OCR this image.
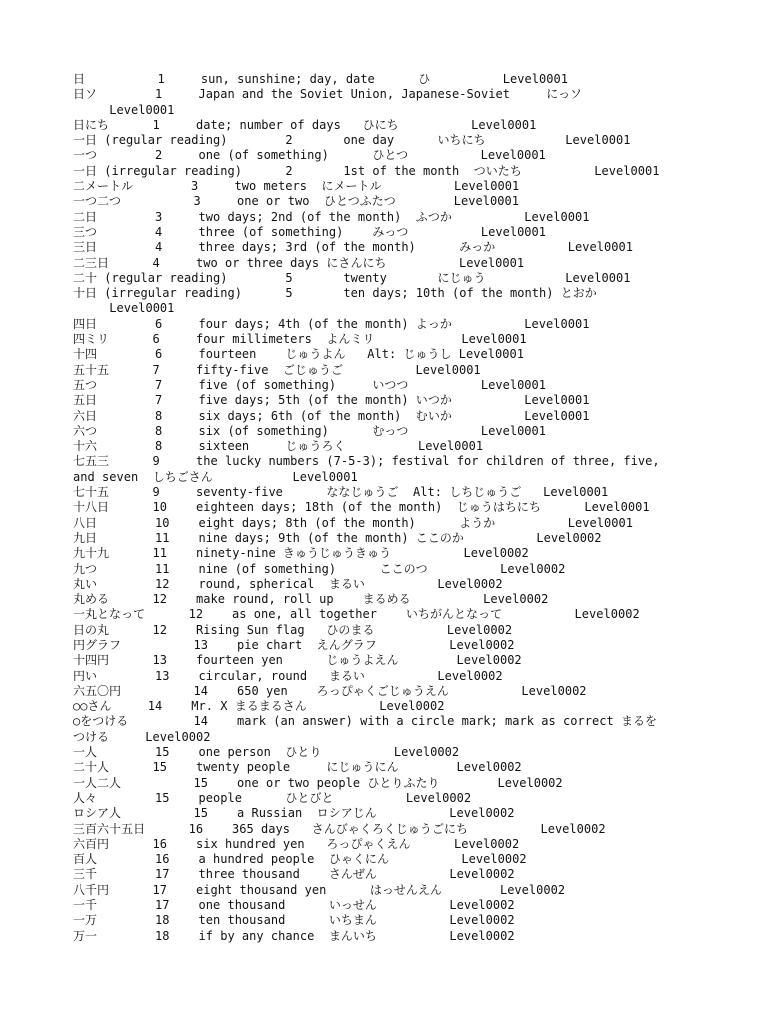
日          1     sun, sunshine; day, date      ひ          Level0001
日ソ        1     Japan and the Soviet Union, Japanese-Soviet     にっソ
Level0001
日にち      1     date; number of days   ひにち          Level0001
一日 (regular reading)        2       one day      いちにち           Level0001
一つ        2     one (of something)      ひとつ          Level0001
一日 (irregular reading)      2       1st of the month  ついたち          Level0001
二メートル        3     two meters  にメートル          Level0001
一つ二つ          3     one or two  ひとつふたつ        Level0001
二日        3     two days; 2nd (of the month)  ふつか          Level0001
三つ        4     three (of something)    みっつ          Level0001
三日        4     three days; 3rd (of the month)      みっか          Level0001
二三日      4     two or three days にさんにち          Level0001
二十 (regular reading)        5       twenty       にじゅう           Level0001
十日 (irregular reading)      5       ten days; 10th (of the month) とおか
Level0001
四日        6     four days; 4th (of the month) よっか          Level0001
四ミリ      6     four millimeters  よんミリ            Level0001
十四        6     fourteen    じゅうよん   Alt: じゅうし Level0001
五十五      7     fifty-five  ごじゅうご          Level0001
五つ        7     five (of something)     いつつ          Level0001
五日        7     five days; 5th (of the month) いつか          Level0001
六日        8     six days; 6th (of the month)  むいか          Level0001
六つ        8     six (of something)      むっつ          Level0001
十六        8     sixteen     じゅうろく          Level0001
七五三      9     the lucky numbers (7-5-3); festival for children of three, five,
and seven  しちごさん           Level0001
七十五      9     seventy-five      ななじゅうご  Alt: しちじゅうご   Level0001
十八日      10    eighteen days; 18th (of the month)  じゅうはちにち      Level0001
八日        10    eight days; 8th (of the month)      ようか          Level0001
九日        11    nine days; 9th (of the month) ここのか          Level0002
九十九      11    ninety-nine きゅうじゅうきゅう          Level0002
九つ        11    nine (of something)      ここのつ          Level0002
丸い        12    round, spherical  まるい          Level0002
丸める      12    make round, roll up    まるめる          Level0002
一丸となって      12    as one, all together    いちがんとなって          Level0002
日の丸      12    Rising Sun flag   ひのまる          Level0002
円グラフ          13    pie chart  えんグラフ          Level0002
十四円      13    fourteen yen      じゅうよえん        Level0002
円い        13    circular, round   まるい          Level0002
六五〇円          14    650 yen    ろっぴゃくごじゅうえん          Level0002
○○さん     14    Mr. X まるまるさん          Level0002
○をつける         14    mark (an answer) with a circle mark; mark as correct まるを
つける     Level0002
一人        15    one person  ひとり          Level0002
二十人      15    twenty people     にじゅうにん        Level0002
一人二人          15    one or two people ひとりふたり        Level0002
人々        15    people      ひとびと          Level0002
ロシア人          15    a Russian  ロシアじん          Level0002
三百六十五日      16    365 days   さんびゃくろくじゅうごにち          Level0002
六百円      16    six hundred yen   ろっぴゃくえん      Level0002
百人        16    a hundred people  ひゃくにん          Level0002
三千        17    three thousand    さんぜん          Level0002
八千円      17    eight thousand yen      はっせんえん        Level0002
一千        17    one thousand      いっせん          Level0002
一万        18    ten thousand      いちまん          Level0002
万一        18    if by any chance  まんいち          Level0002
